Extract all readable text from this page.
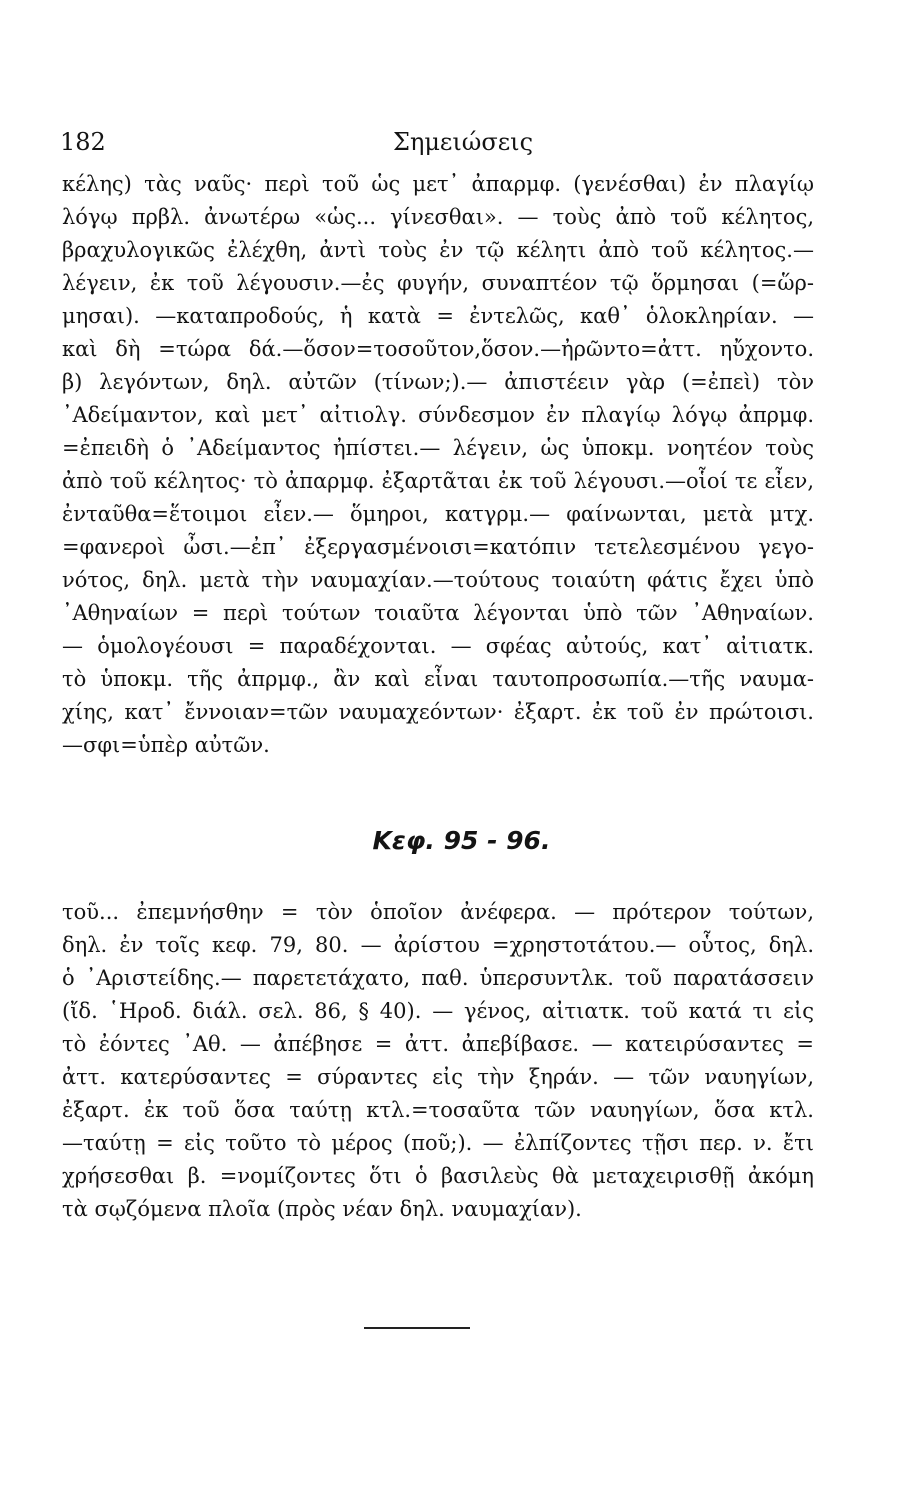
182	Σημειώσεις
κέλης) τὰς ναῦς· περὶ τοῦ ὡς μετ᾽ ἀπαρμφ. (γενέσθαι) ἐν πλαγίῳ
λόγῳ πρβλ. ἀνωτέρω «ὡς... γίνεσθαι». — τοὺς ἀπὸ τοῦ κέλητος,
βραχυλογικῶς ἐλέχθη, ἀντὶ τοὺς ἐν τῷ κέλητι ἀπὸ τοῦ κέλητος.—
λέγειν, ἐκ τοῦ λέγουσιν.—ἐς φυγήν, συναπτέον τῷ ὅρμησαι (=ὥρ-
μησαι). —καταπροδούς, ἡ κατὰ = ἐντελῶς, καθ᾽ ὁλοκληρίαν. —
καὶ δὴ =τώρα δά.—ὅσον=τοσοῦτον,ὅσον.—ἠρῶντο=ἀττ. ηὔχοντο.
β) λεγόντων, δηλ. αὐτῶν (τίνων;).— ἀπιστέειν γὰρ (=ἐπεὶ) τὸν
᾽Αδείμαντον, καὶ μετ᾽ αἰτιολγ. σύνδεσμον ἐν πλαγίῳ λόγῳ ἀπρμφ.
=ἐπειδὴ ὁ ᾽Αδείμαντος ἠπίστει.— λέγειν, ὡς ὑποκμ. νοητέον τοὺς
ἀπὸ τοῦ κέλητος· τὸ ἀπαρμφ. ἐξαρτᾶται ἐκ τοῦ λέγουσι.—οἷοί τε εἶεν,
ἐνταῦθα=ἕτοιμοι εἶεν.— ὅμηροι, κατγρμ.— φαίνωνται, μετὰ μτχ.
=φανεροὶ ὦσι.—ἐπ᾽ ἐξεργασμένοισι=κατόπιν τετελεσμένου γεγο-
νότος, δηλ. μετὰ τὴν ναυμαχίαν.—τούτους τοιαύτη φάτις ἔχει ὑπὸ
᾽Αθηναίων = περὶ τούτων τοιαῦτα λέγονται ὑπὸ τῶν ᾽Αθηναίων.
— ὁμολογέουσι = παραδέχονται. — σφέας αὐτούς, κατ᾽ αἰτιατκ.
τὸ ὑποκμ. τῆς ἀπρμφ., ἂν καὶ εἶναι ταυτοπροσωπία.—τῆς ναυμα-
χίης, κατ᾽ ἔννοιαν=τῶν ναυμαχεόντων· ἐξαρτ. ἐκ τοῦ ἐν πρώτοισι.
—σφι=ὑπὲρ αὐτῶν.
Κεφ. 95 - 96.
τοῦ... ἐπεμνήσθην = τὸν ὁποῖον ἀνέφερα. — πρότερον τούτων,
δηλ. ἐν τοῖς κεφ. 79, 80. — ἀρίστου =χρηστοτάτου.— οὗτος, δηλ.
ὁ ᾽Αριστείδης.— παρετετάχατο, παθ. ὑπερσυντλκ. τοῦ παρατάσσειν
(ἴδ. ῾Ηροδ. διάλ. σελ. 86, § 40). — γένος, αἰτιατκ. τοῦ κατά τι εἰς
τὸ ἐόντες ᾽Αθ. — ἀπέβησε = ἀττ. ἀπεβίβασε. — κατειρύσαντες =
ἀττ. κατερύσαντες = σύραντες εἰς τὴν ξηράν. — τῶν ναυηγίων,
ἐξαρτ. ἐκ τοῦ ὅσα ταύτῃ κτλ.=τοσαῦτα τῶν ναυηγίων, ὅσα κτλ.
—ταύτῃ = εἰς τοῦτο τὸ μέρος (ποῦ;). — ἐλπίζοντες τῇσι περ. ν. ἔτι
χρήσεσθαι β. =νομίζοντες ὅτι ὁ βασιλεὺς θὰ μεταχειρισθῇ ἀκόμη
τὰ σῳζόμενα πλοῖα (πρὸς νέαν δηλ. ναυμαχίαν).
